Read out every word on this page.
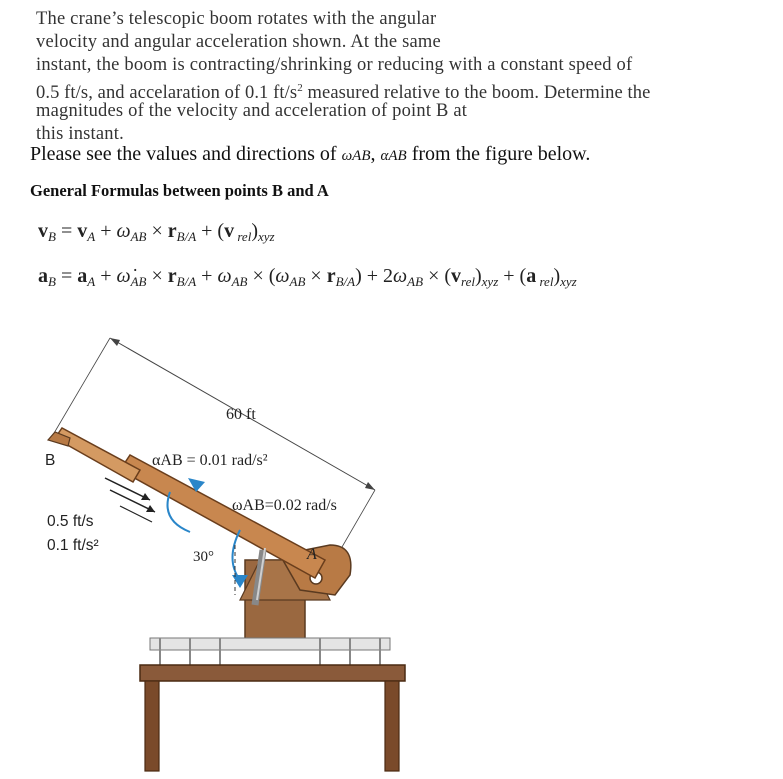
The crane’s telescopic boom rotates with the angular
velocity and angular acceleration shown. At the same
instant, the boom is contracting/shrinking or reducing with a constant speed of
0.5 ft/s, and accelaration of 0.1 $ft/s^2$ measured relative to the boom. Determine the
magnitudes of the velocity and acceleration of point B at
this instant.
Please see the values and directions of ωAB, αAB from the figure below.
General Formulas between points B and A
$v_B = v_A + \omega_{AB} \times r_{B/A} + (v$ $_{rel})_{xyz}$
$a_B = a_A$ + $\omegȧ_{AB} \times r_{B/A} + \omega_{AB} \times (\omega_{AB} \times r_{B/A}) + 2\omega_{AB} \times (v_{rel})_{xyz} + (a$ $_{rel})_{xyz}$
60 ft
αAB = 0.01 rad/s²
ωAB=0.02 rad/s
30°	A
B
0.5 ft/s
0.1 ft/s²
